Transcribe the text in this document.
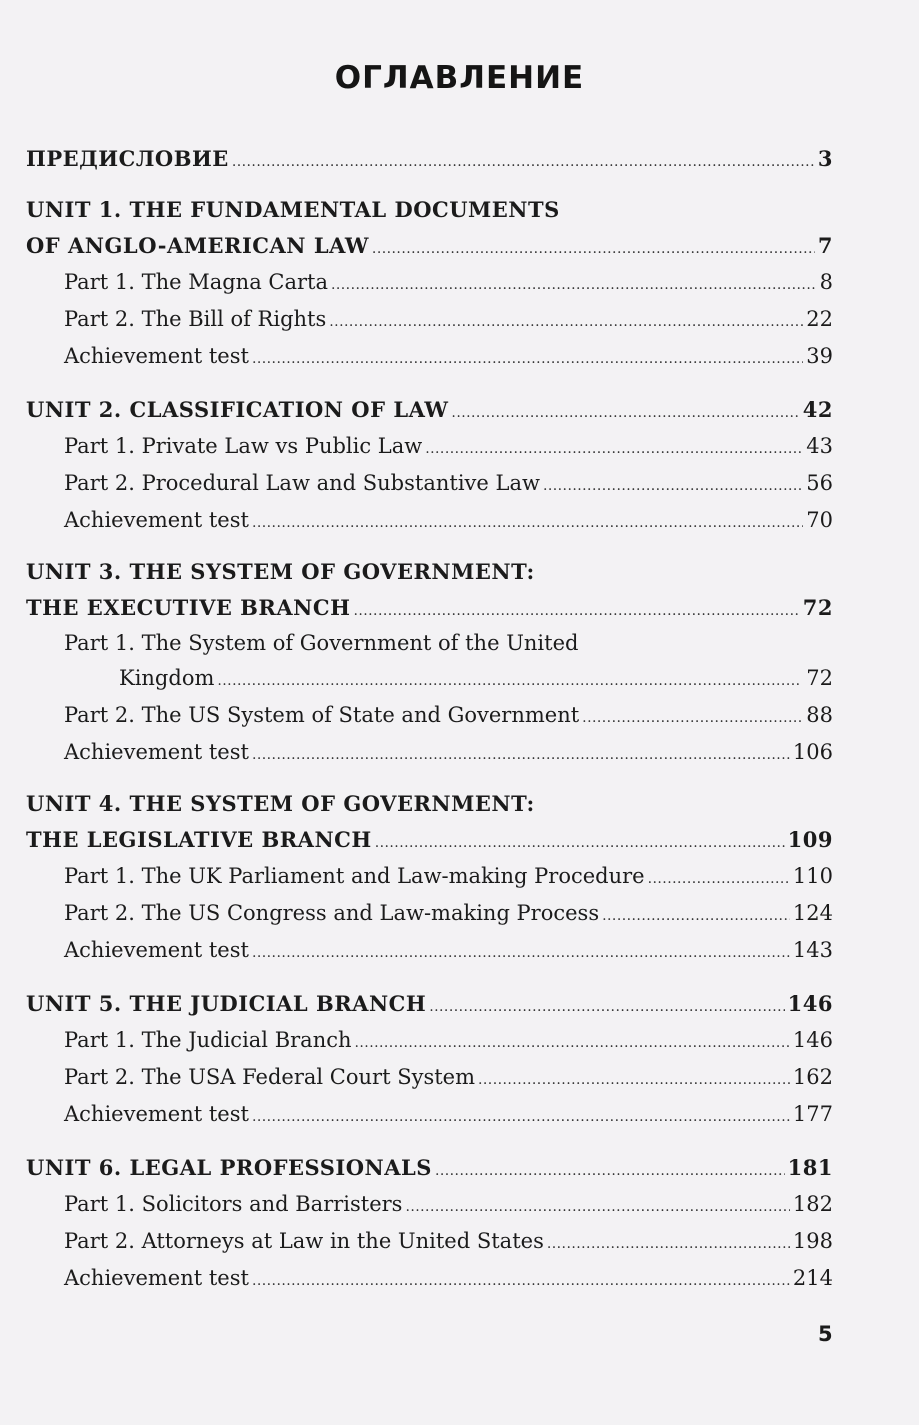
ОГЛАВЛЕНИЕ
ПРЕДИСЛОВИЕ . . .	3
UNIT 1. THE FUNDAMENTAL DOCUMENTS
OF ANGLO-AMERICAN LAW . . .	7
Part 1. The Magna Carta . . .	8
Part 2. The Bill of Rights . . .	22
Achievement test . . .	39
UNIT 2. CLASSIFICATION OF LAW . . .	42
Part 1. Private Law vs Public Law . . .	43
Part 2. Procedural Law and Substantive Law . . .	56
Achievement test . . .	70
UNIT 3. THE SYSTEM OF GOVERNMENT:
THE EXECUTIVE BRANCH . . .	72
Part 1. The System of Government of the United
Kingdom . . .	72
Part 2. The US System of State and Government . . .	88
Achievement test . . .	106
UNIT 4. THE SYSTEM OF GOVERNMENT:
THE LEGISLATIVE BRANCH . . .	109
Part 1. The UK Parliament and Law-making Procedure . . .	110
Part 2. The US Congress and Law-making Process . . .	124
Achievement test . . .	143
UNIT 5. THE JUDICIAL BRANCH . . .	146
Part 1. The Judicial Branch . . .	146
Part 2. The USA Federal Court System . . .	162
Achievement test . . .	177
UNIT 6. LEGAL PROFESSIONALS . . .	181
Part 1. Solicitors and Barristers . . .	182
Part 2. Attorneys at Law in the United States . . .	198
Achievement test . . .	214
5
